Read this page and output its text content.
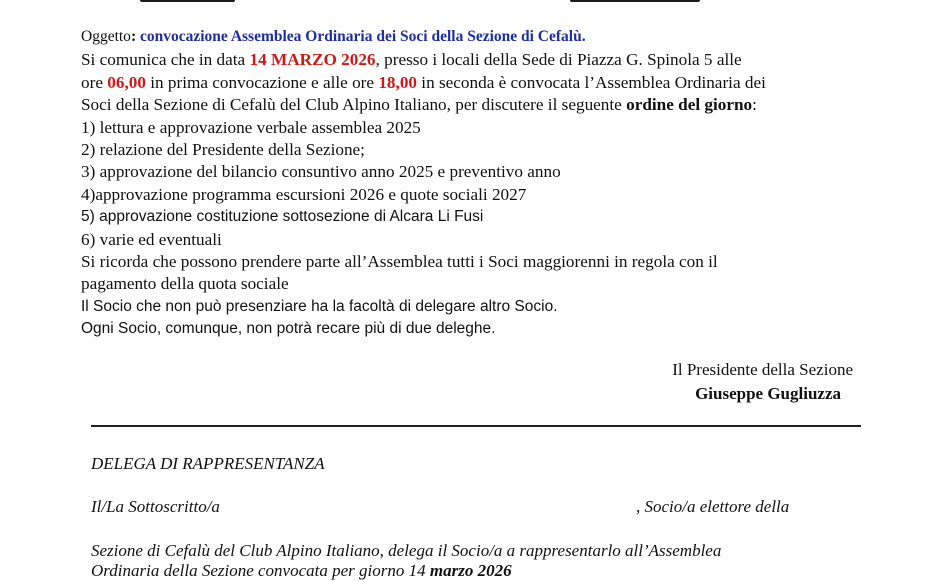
Oggetto: convocazione Assemblea Ordinaria dei Soci della Sezione di Cefalù.
Si comunica che in data 14 MARZO 2026, presso i locali della Sede di Piazza G. Spinola 5 alle
ore 06,00 in prima convocazione e alle ore 18,00 in seconda è convocata l’Assemblea Ordinaria dei
Soci della Sezione di Cefalù del Club Alpino Italiano, per discutere il seguente ordine del giorno:
1) lettura e approvazione verbale assemblea 2025
2) relazione del Presidente della Sezione;
3) approvazione del bilancio consuntivo anno 2025 e preventivo anno
4)approvazione programma escursioni 2026 e quote sociali 2027
5) approvazione costituzione sottosezione di Alcara Li Fusi
6) varie ed eventuali
Si ricorda che possono prendere parte all’Assemblea tutti i Soci maggiorenni in regola con il
pagamento della quota sociale
Il Socio che non può presenziare ha la facoltà di delegare altro Socio.
Ogni Socio, comunque, non potrà recare più di due deleghe.
Il Presidente della Sezione
Giuseppe Gugliuzza
DELEGA DI RAPPRESENTANZA
Il/La Sottoscritto/a	, Socio/a elettore della
Sezione di Cefalù del Club Alpino Italiano, delega il Socio/a a rappresentarlo all’Assemblea
Ordinaria della Sezione convocata per giorno 14 marzo 2026
